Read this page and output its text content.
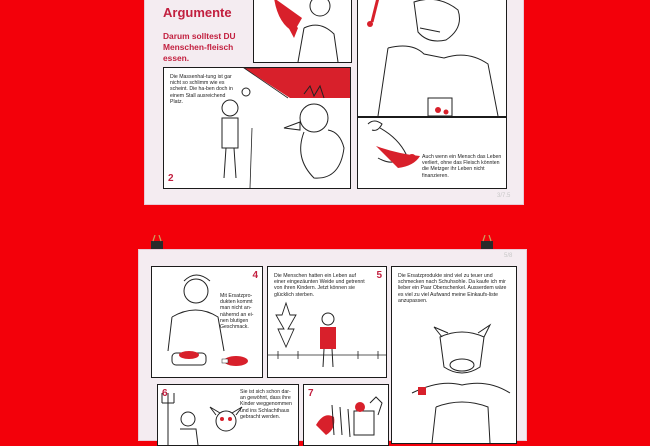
Argumente
Darum solltest DU Menschen-fleisch essen.
Die Massenhal-tung ist gar nicht so schlimm wie es scheint. Die ha-ben doch in einem Stall ausreichend Platz.
2
Auch wenn ein Mensch das Leben verliert, ohne das Fleisch könnten die Metzger ihr Leben nicht finanzieren.
3/7.5
5/8
Mit Ersatzpro-dukten kommt man nicht an-nähernd an ei-nen blutigen Geschmack.
4	Die Menschen hatten ein Leben auf einer eingezäunten Weide und getrennt von ihren Kindern. Jetzt können sie glücklich sterben.
5	Die Ersatzprodukte sind viel zu teuer und schmecken nach Schuhsohle. Da kaufe ich mir lieber ein Paar Oberschenkel. Ausserdem wäre es viel zu viel Aufwand meine Einkaufs-liste anzupassen.
Sie ist sich schon dar-an gewöhnt, dass ihre Kinder weggenommen und ins Schlachthaus gebracht werden.
6	7
